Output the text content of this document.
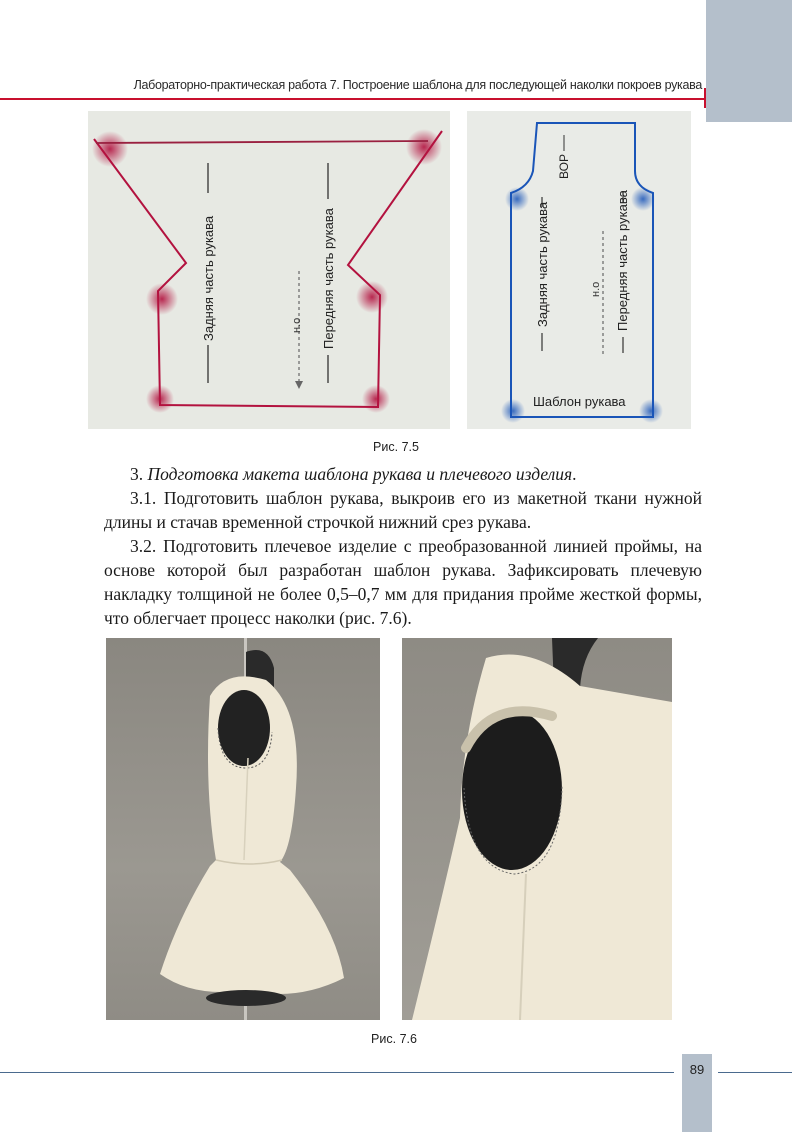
Лабораторно-практическая работа 7. Построение шаблона для последующей наколки покроев рукава
Задняя часть рукава	н.о Передняя часть рукава	Задняя часть рукава
ВОР
н.о Передняя часть рукава
Шаблон рукава
Рис. 7.5

3. Подготовка макета шаблона рукава и плечевого изделия.

3.1. Подготовить шаблон рукава, выкроив его из макетной ткани нужной длины и стачав временной строчкой нижний срез рукава.

3.2. Подготовить плечевое изделие с преобразованной линией проймы, на основе которой был разработан шаблон рукава. Зафиксировать плечевую накладку толщиной не более 0,5–0,7 мм для придания пройме жесткой формы, что облегчает процесс наколки (рис. 7.6).

Рис. 7.6
89
